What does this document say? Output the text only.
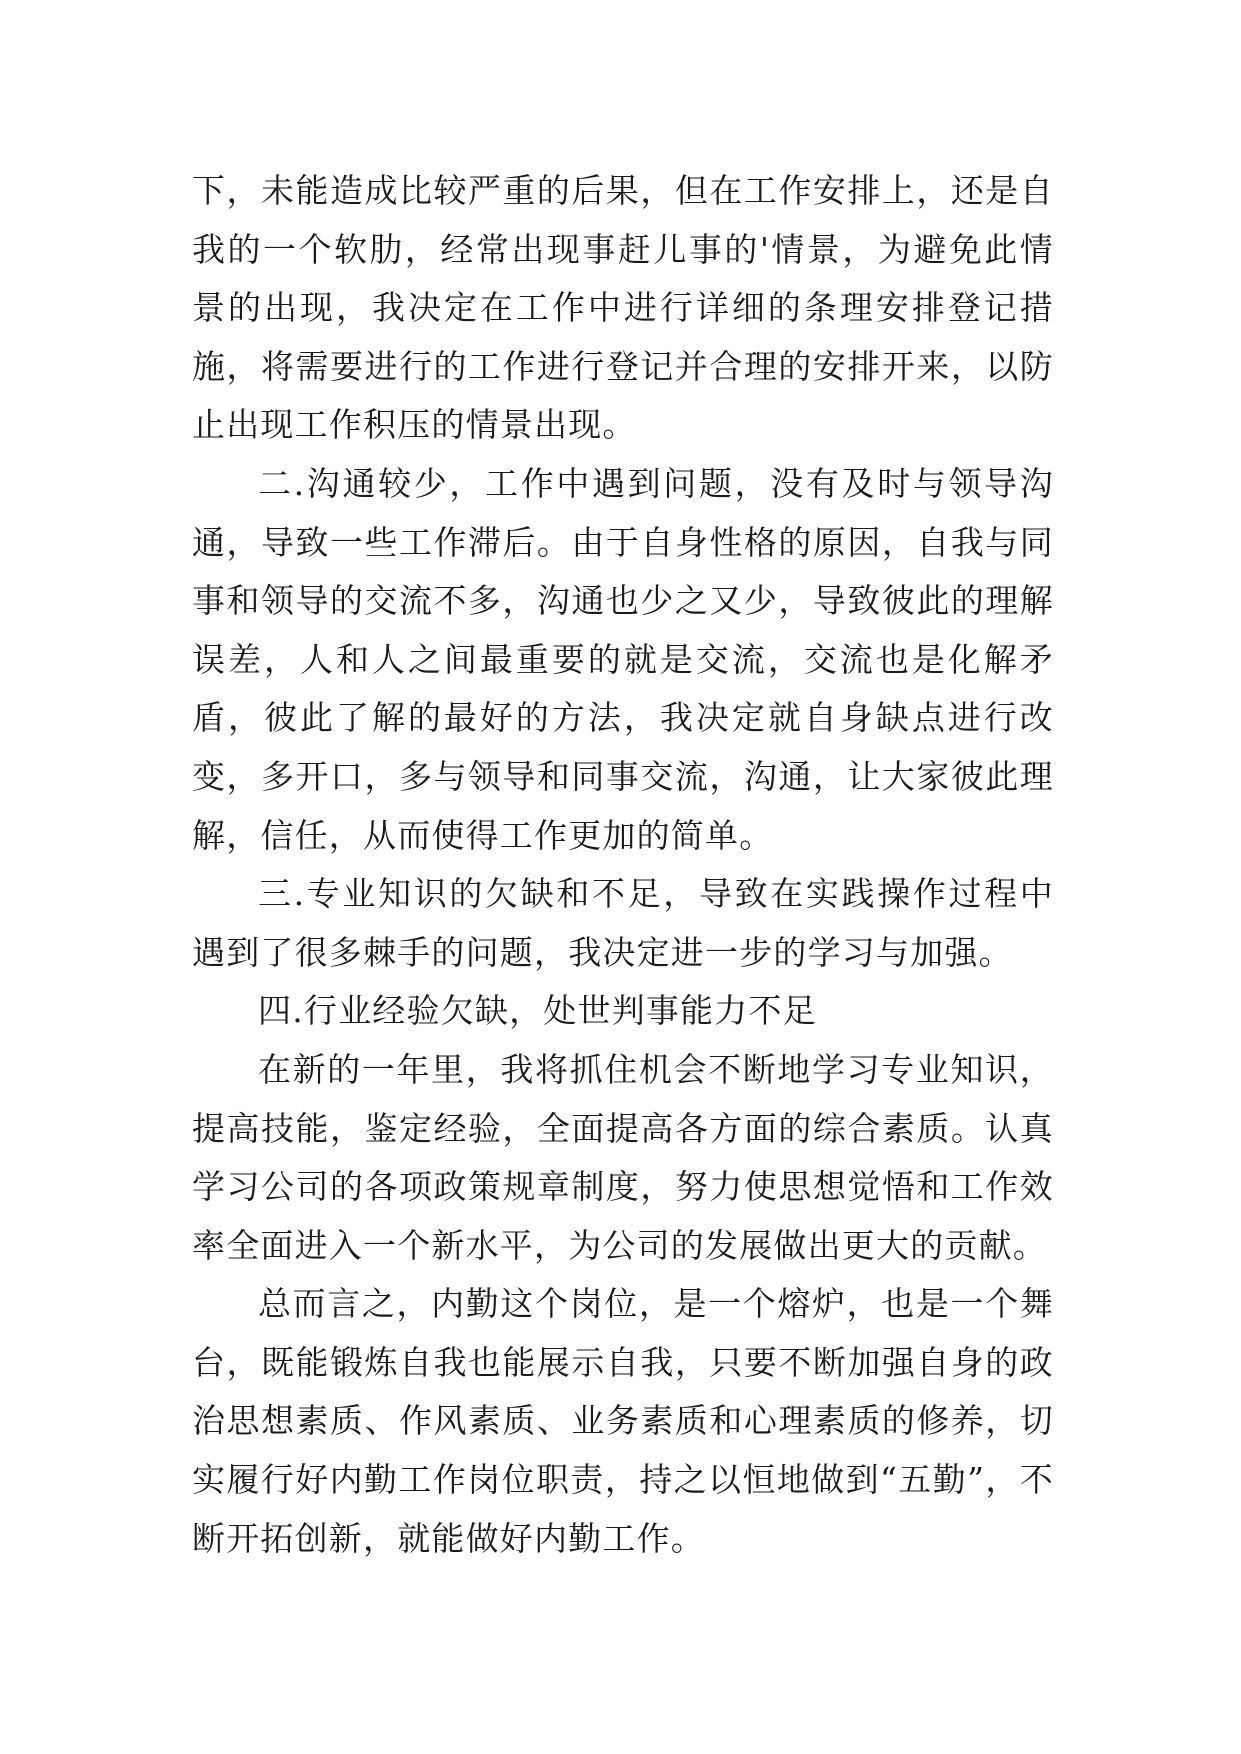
下，未能造成比较严重的后果，但在工作安排上，还是自我的一个软肋，经常出现事赶儿事的'情景，为避免此情景的出现，我决定在工作中进行详细的条理安排登记措施，将需要进行的工作进行登记并合理的安排开来，以防止出现工作积压的情景出现。

二.沟通较少，工作中遇到问题，没有及时与领导沟通，导致一些工作滞后。由于自身性格的原因，自我与同事和领导的交流不多，沟通也少之又少，导致彼此的理解误差，人和人之间最重要的就是交流，交流也是化解矛盾，彼此了解的最好的方法，我决定就自身缺点进行改变，多开口，多与领导和同事交流，沟通，让大家彼此理解，信任，从而使得工作更加的简单。

三.专业知识的欠缺和不足，导致在实践操作过程中遇到了很多棘手的问题，我决定进一步的学习与加强。

四.行业经验欠缺，处世判事能力不足

在新的一年里，我将抓住机会不断地学习专业知识，提高技能，鉴定经验，全面提高各方面的综合素质。认真学习公司的各项政策规章制度，努力使思想觉悟和工作效率全面进入一个新水平，为公司的发展做出更大的贡献。

总而言之，内勤这个岗位，是一个熔炉，也是一个舞台，既能锻炼自我也能展示自我，只要不断加强自身的政治思想素质、作风素质、业务素质和心理素质的修养，切实履行好内勤工作岗位职责，持之以恒地做到“五勤”，不断开拓创新，就能做好内勤工作。
